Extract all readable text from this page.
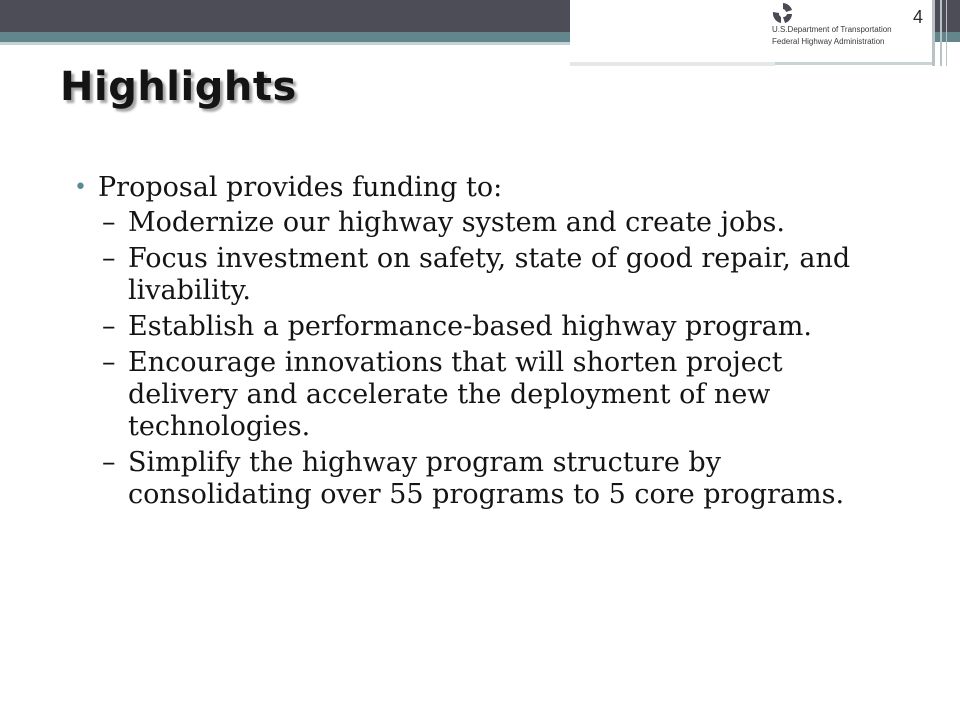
U.S.Department of Transportation
Federal Highway Administration
4
Highlights
• Proposal provides funding to:
– Modernize our highway system and create jobs.
– Focus investment on safety, state of good repair, and livability.
– Establish a performance-based highway program.
– Encourage innovations that will shorten project delivery and accelerate the deployment of new technologies.
– Simplify the highway program structure by consolidating over 55 programs to 5 core programs.
